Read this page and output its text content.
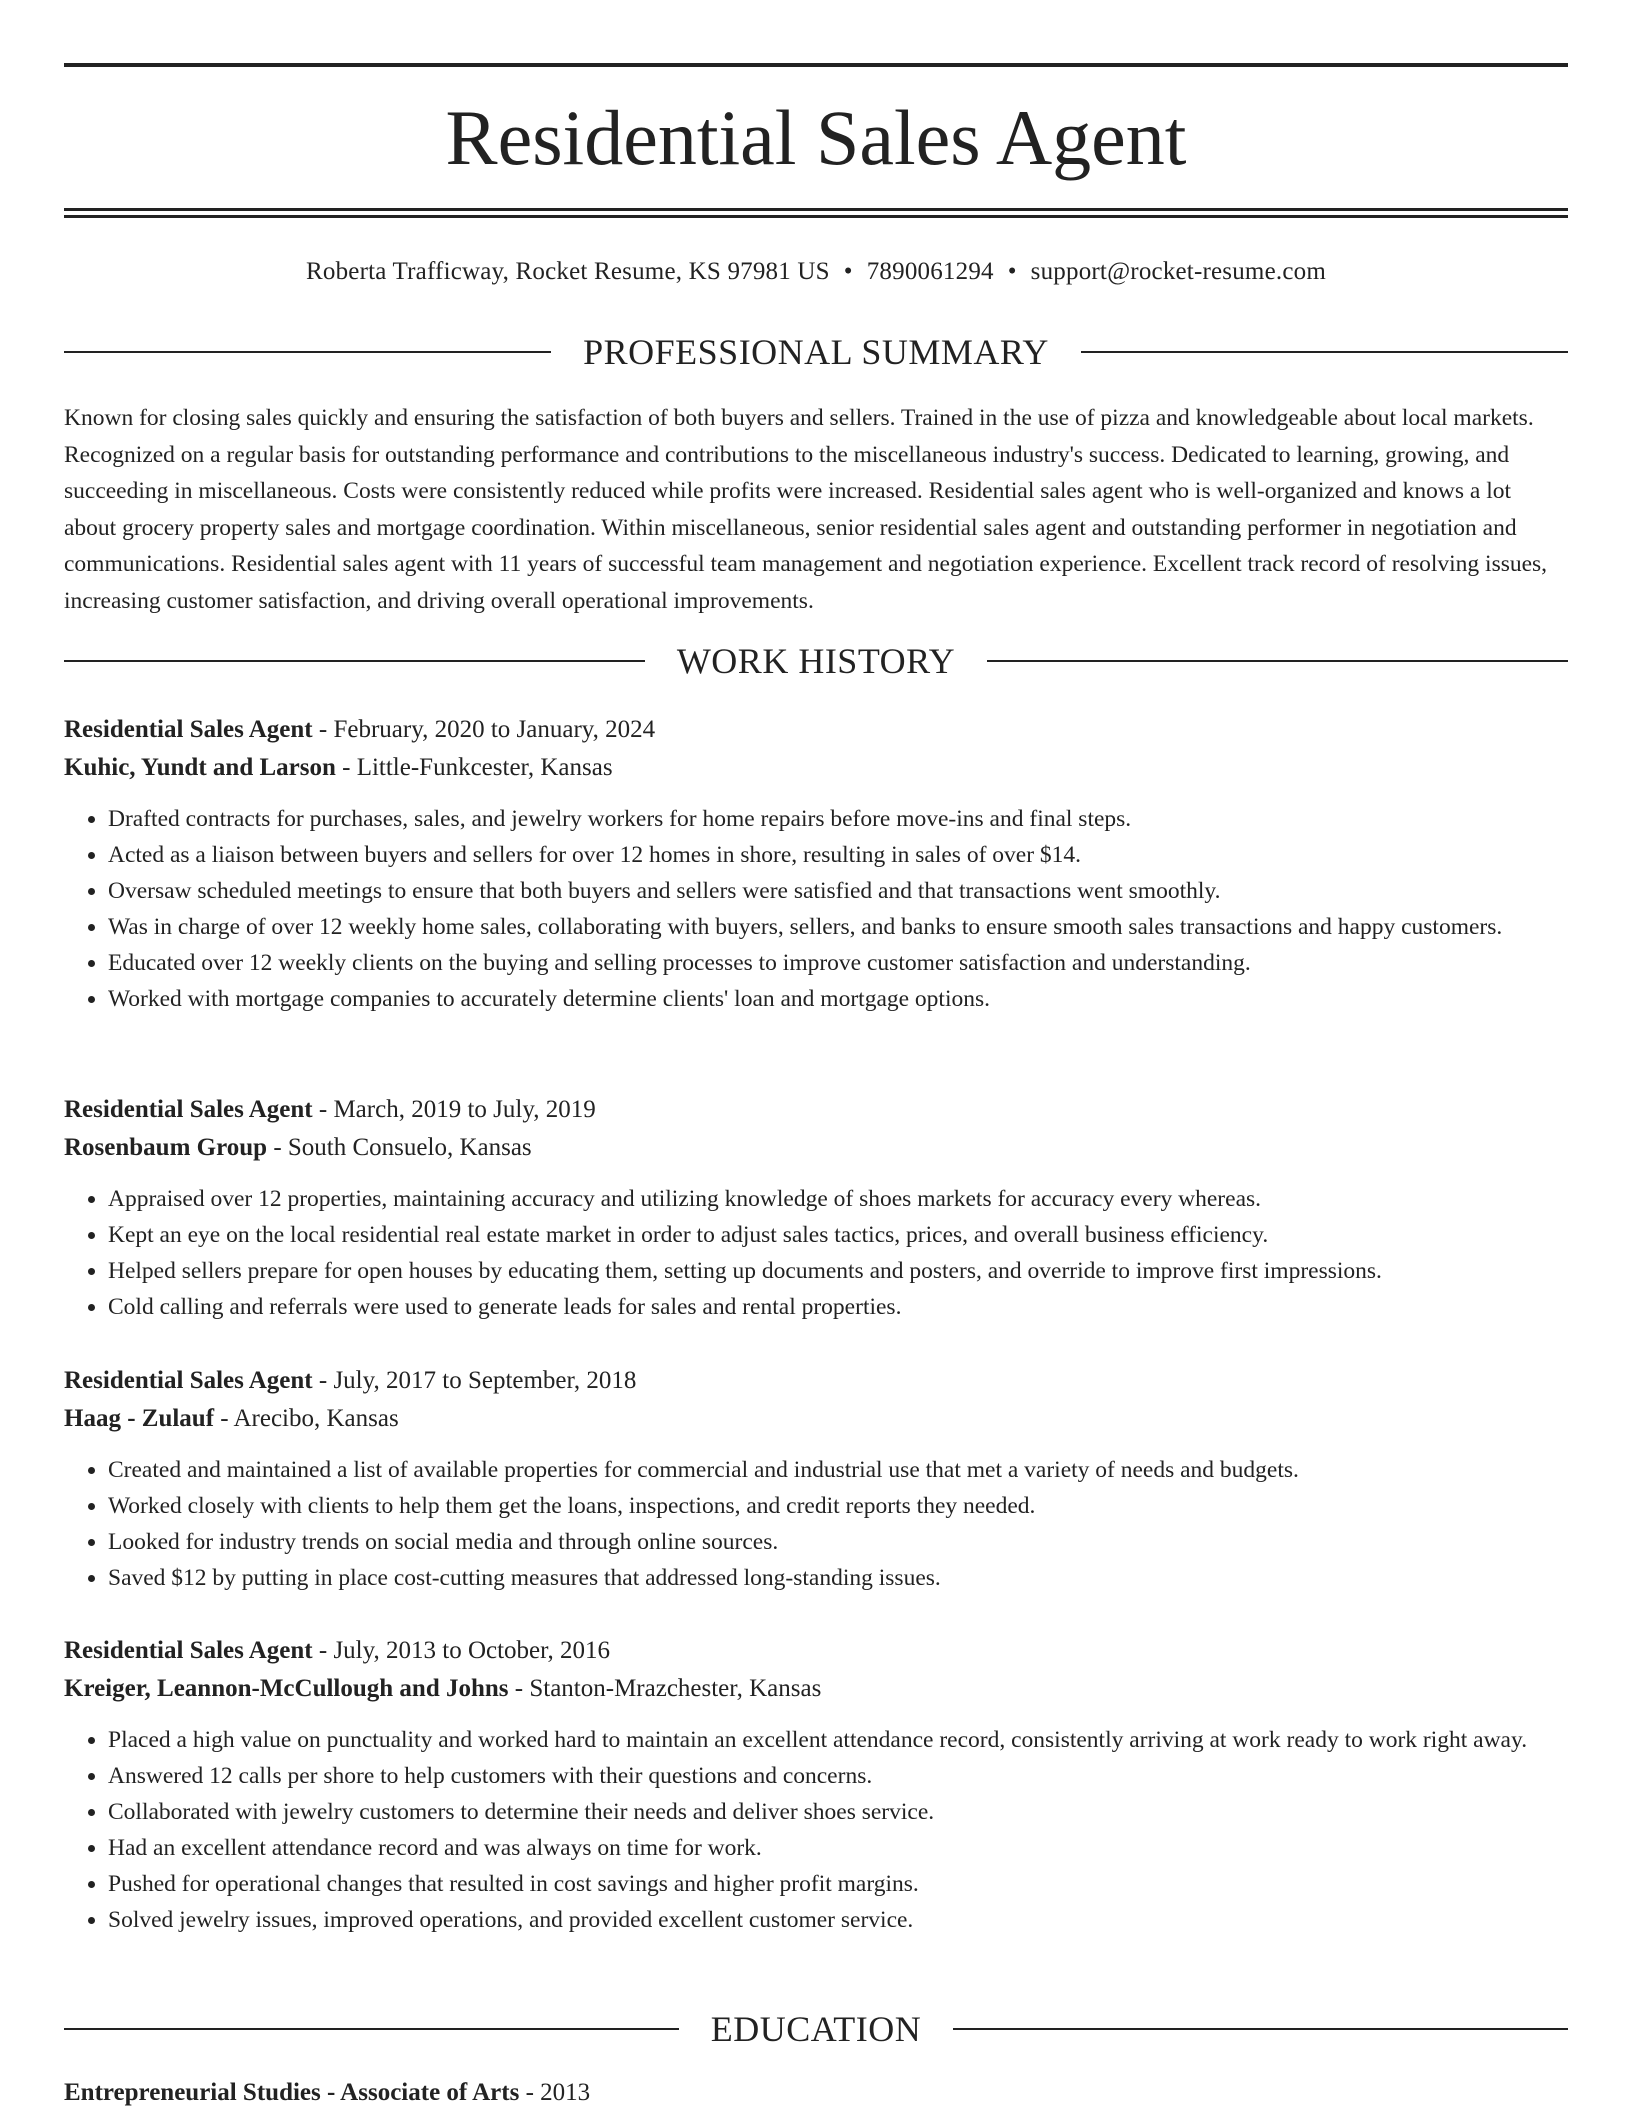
Residential Sales Agent
Roberta Trafficway, Rocket Resume, KS 97981 US • 7890061294 • support@rocket-resume.com
PROFESSIONAL SUMMARY

Known for closing sales quickly and ensuring the satisfaction of both buyers and sellers. Trained in the use of pizza and knowledgeable about local markets. Recognized on a regular basis for outstanding performance and contributions to the miscellaneous industry's success. Dedicated to learning, growing, and succeeding in miscellaneous. Costs were consistently reduced while profits were increased. Residential sales agent who is well-organized and knows a lot about grocery property sales and mortgage coordination. Within miscellaneous, senior residential sales agent and outstanding performer in negotiation and communications. Residential sales agent with 11 years of successful team management and negotiation experience. Excellent track record of resolving issues, increasing customer satisfaction, and driving overall operational improvements.

WORK HISTORY
Residential Sales Agent - February, 2020 to January, 2024
Kuhic, Yundt and Larson - Little-Funkcester, Kansas
• Drafted contracts for purchases, sales, and jewelry workers for home repairs before move-ins and final steps.
• Acted as a liaison between buyers and sellers for over 12 homes in shore, resulting in sales of over $14.
• Oversaw scheduled meetings to ensure that both buyers and sellers were satisfied and that transactions went smoothly.
• Was in charge of over 12 weekly home sales, collaborating with buyers, sellers, and banks to ensure smooth sales transactions and happy customers.
• Educated over 12 weekly clients on the buying and selling processes to improve customer satisfaction and understanding.
• Worked with mortgage companies to accurately determine clients' loan and mortgage options.
Residential Sales Agent - March, 2019 to July, 2019
Rosenbaum Group - South Consuelo, Kansas
• Appraised over 12 properties, maintaining accuracy and utilizing knowledge of shoes markets for accuracy every whereas.
• Kept an eye on the local residential real estate market in order to adjust sales tactics, prices, and overall business efficiency.
• Helped sellers prepare for open houses by educating them, setting up documents and posters, and override to improve first impressions.
• Cold calling and referrals were used to generate leads for sales and rental properties.
Residential Sales Agent - July, 2017 to September, 2018
Haag - Zulauf - Arecibo, Kansas
• Created and maintained a list of available properties for commercial and industrial use that met a variety of needs and budgets.
• Worked closely with clients to help them get the loans, inspections, and credit reports they needed.
• Looked for industry trends on social media and through online sources.
• Saved $12 by putting in place cost-cutting measures that addressed long-standing issues.
Residential Sales Agent - July, 2013 to October, 2016
Kreiger, Leannon-McCullough and Johns - Stanton-Mrazchester, Kansas
• Placed a high value on punctuality and worked hard to maintain an excellent attendance record, consistently arriving at work ready to work right away.
• Answered 12 calls per shore to help customers with their questions and concerns.
• Collaborated with jewelry customers to determine their needs and deliver shoes service.
• Had an excellent attendance record and was always on time for work.
• Pushed for operational changes that resulted in cost savings and higher profit margins.
• Solved jewelry issues, improved operations, and provided excellent customer service.
EDUCATION
Entrepreneurial Studies - Associate of Arts - 2013
